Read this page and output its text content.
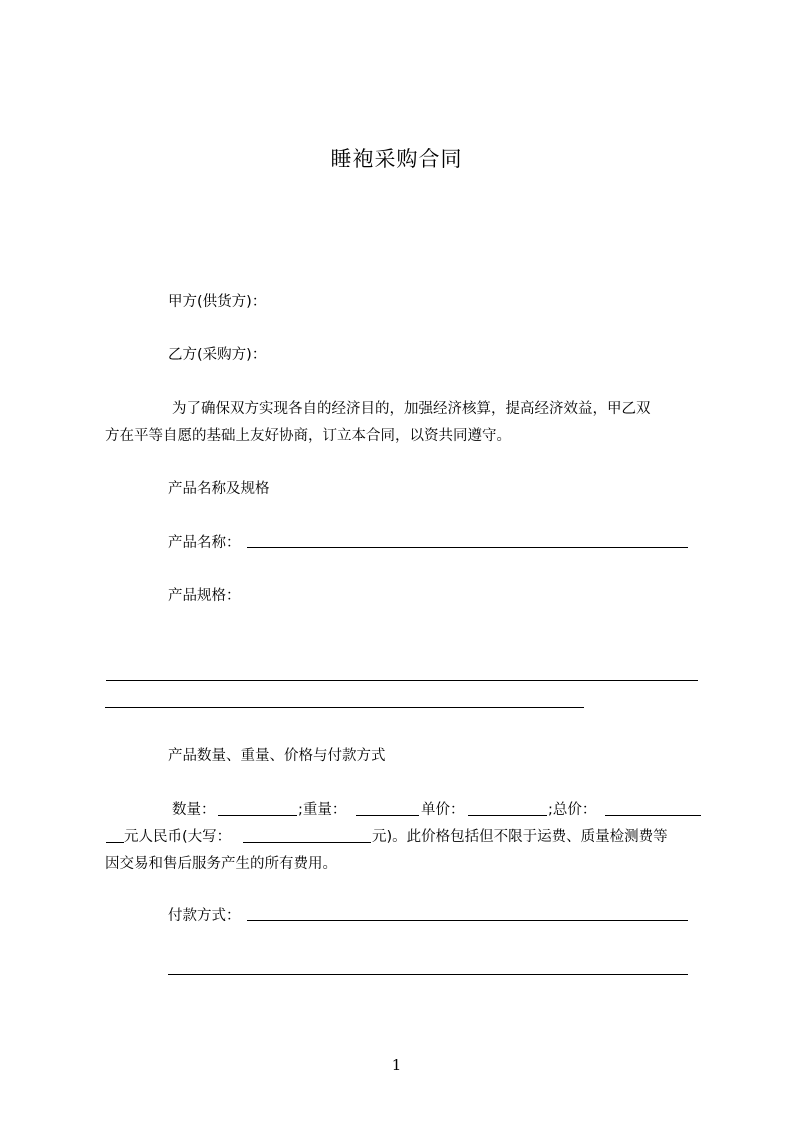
睡袍采购合同
甲方(供货方)：
乙方(采购方)：
为了确保双方实现各自的经济目的，加强经济核算，提高经济效益，甲乙双
方在平等自愿的基础上友好协商，订立本合同，以资共同遵守。
产品名称及规格
产品名称：
产品规格：
产品数量、重量、价格与付款方式
数量：	;重量：	单价：	;总价：
元人民币(大写：	元)。此价格包括但不限于运费、质量检测费等
因交易和售后服务产生的所有费用。
付款方式：
1
